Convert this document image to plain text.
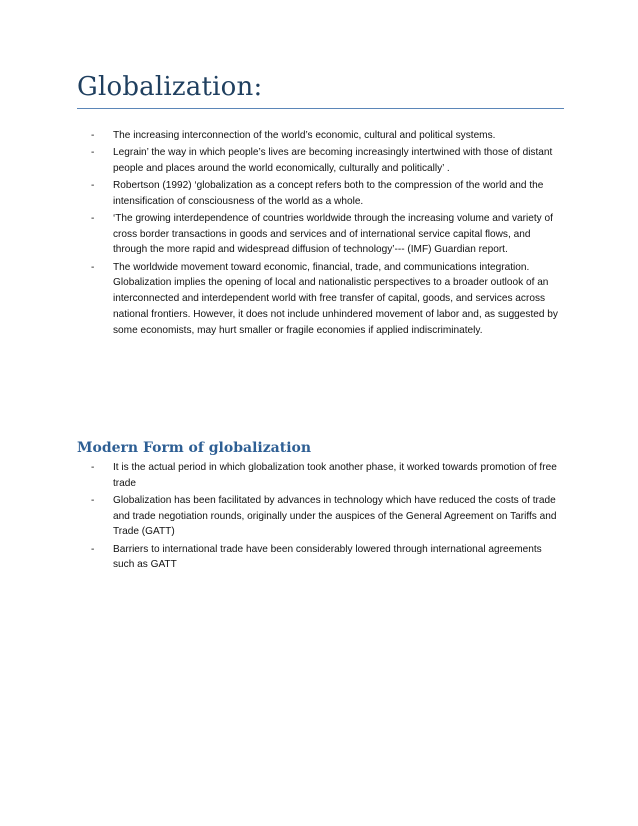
Globalization:
- The increasing interconnection of the world’s economic, cultural and political systems.
- Legrain’ the way in which people’s lives are becoming increasingly intertwined with those of distant people and places around the world economically, culturally and politically’ .
- Robertson (1992) ‘globalization as a concept refers both to the compression of the world and the intensification of consciousness of the world as a whole.
- ‘The growing interdependence of countries worldwide through the increasing volume and variety of cross border transactions in goods and services and of international service capital flows, and through the more rapid and widespread diffusion of technology’--- (IMF) Guardian report.
- The worldwide movement toward economic, financial, trade, and communications integration. Globalization implies the opening of local and nationalistic perspectives to a broader outlook of an interconnected and interdependent world with free transfer of capital, goods, and services across national frontiers. However, it does not include unhindered movement of labor and, as suggested by some economists, may hurt smaller or fragile economies if applied indiscriminately.
Modern Form of globalization
- It is the actual period in which globalization took another phase, it worked towards promotion of free trade
- Globalization has been facilitated by advances in technology which have reduced the costs of trade and trade negotiation rounds, originally under the auspices of the General Agreement on Tariffs and Trade (GATT)
- Barriers to international trade have been considerably lowered through international agreements such as GATT
